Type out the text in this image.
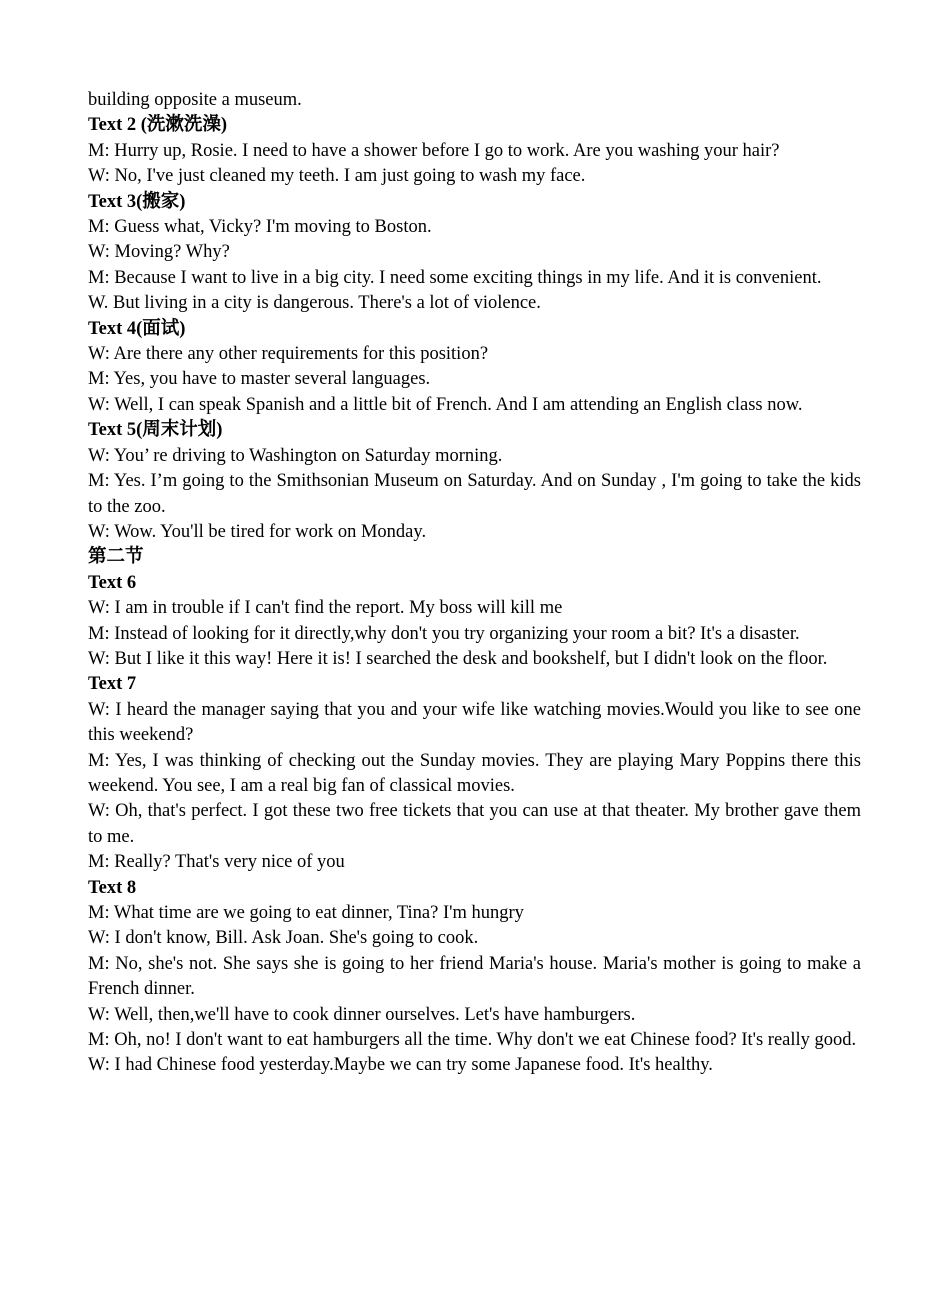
building opposite a museum.

Text 2 (洗漱洗澡)

M: Hurry up, Rosie. I need to have a shower before I go to work. Are you washing your hair?

W: No, I've just cleaned my teeth. I am just going to wash my face.

Text 3(搬家)

M: Guess what, Vicky? I'm moving to Boston.

W: Moving? Why?

M: Because I want to live in a big city. I need some exciting things in my life. And it is convenient.

W. But living in a city is dangerous. There's a lot of violence.

Text 4(面试)

W: Are there any other requirements for this position?

M: Yes, you have to master several languages.

W: Well, I can speak Spanish and a little bit of French. And I am attending an English class now.

Text 5(周末计划)

W: You’ re driving to Washington on Saturday morning.

M: Yes. I’m going to the Smithsonian Museum on Saturday. And on Sunday , I'm going to take the kids to the zoo.

W: Wow. You'll be tired for work on Monday.

第二节

Text 6

W: I am in trouble if I can't find the report. My boss will kill me

M: Instead of looking for it directly,why don't you try organizing your room a bit? It's a disaster.

W: But I like it this way! Here it is! I searched the desk and bookshelf, but I didn't look on the floor.

Text 7

W: I heard the manager saying that you and your wife like watching movies.Would you like to see one this weekend?

M: Yes, I was thinking of checking out the Sunday movies. They are playing Mary Poppins there this weekend. You see, I am a real big fan of classical movies.

W: Oh, that's perfect. I got these two free tickets that you can use at that theater. My brother gave them to me.

M: Really? That's very nice of you

Text 8

M: What time are we going to eat dinner, Tina? I'm hungry

W: I don't know, Bill. Ask Joan. She's going to cook.

M: No, she's not. She says she is going to her friend Maria's house. Maria's mother is going to make a French dinner.

W: Well, then,we'll have to cook dinner ourselves. Let's have hamburgers.

M: Oh, no! I don't want to eat hamburgers all the time. Why don't we eat Chinese food? It's really good.

W: I had Chinese food yesterday.Maybe we can try some Japanese food. It's healthy.
